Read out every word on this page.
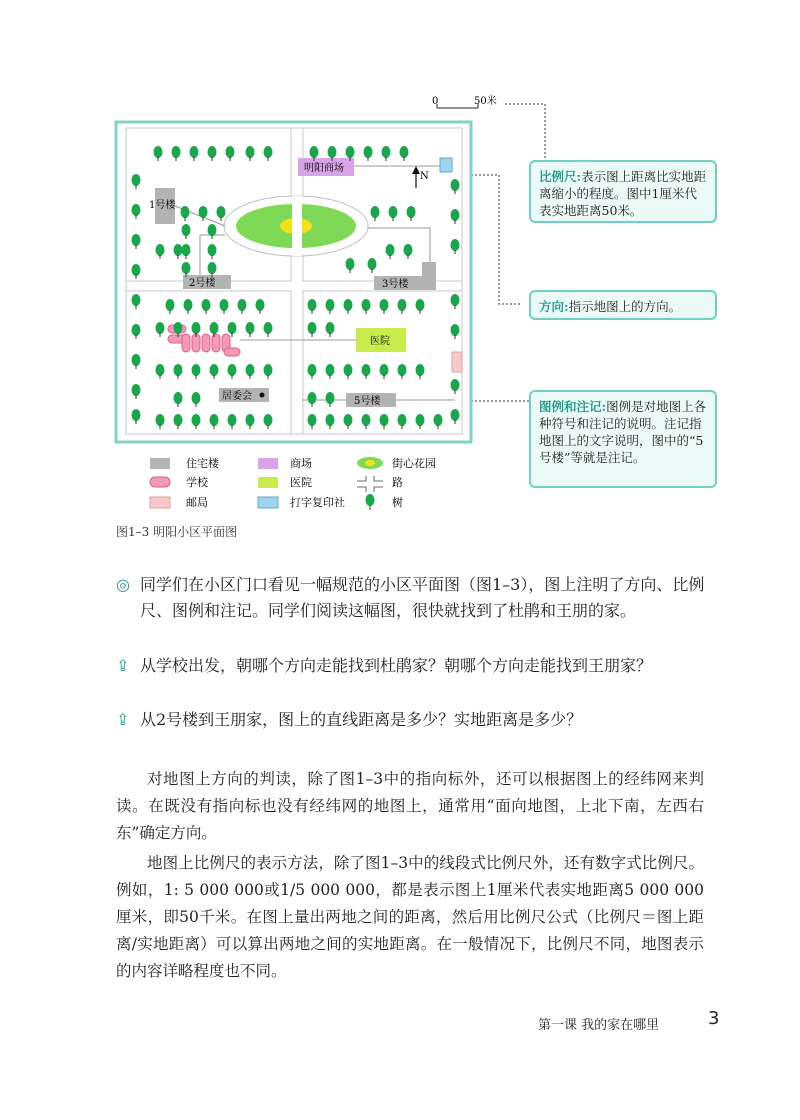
0	50米
明阳商场
N
1号楼
2号楼	3号楼
医院
居委会	5号楼
住宅楼	商场	街心花园
学校	医院	路
邮局	打字复印社	树
比例尺:表示图上距离比实地距离缩小的程度。图中1厘米代表实地距离50米。
方向:指示地图上的方向。
图例和注记:图例是对地图上各种符号和注记的说明。注记指地图上的文字说明，图中的“5号楼”等就是注记。
图1–3 明阳小区平面图
◎ 同学们在小区门口看见一幅规范的小区平面图（图1–3），图上注明了方向、比例尺、图例和注记。同学们阅读这幅图，很快就找到了杜鹃和王朋的家。
⇪ 从学校出发，朝哪个方向走能找到杜鹃家？朝哪个方向走能找到王朋家？
⇪ 从2号楼到王朋家，图上的直线距离是多少？实地距离是多少？
对地图上方向的判读，除了图1–3中的指向标外，还可以根据图上的经纬网来判读。在既没有指向标也没有经纬网的地图上，通常用“面向地图，上北下南，左西右东”确定方向。
地图上比例尺的表示方法，除了图1–3中的线段式比例尺外，还有数字式比例尺。例如，1: 5 000 000或1/5 000 000，都是表示图上1厘米代表实地距离5 000 000厘米，即50千米。在图上量出两地之间的距离，然后用比例尺公式（比例尺＝图上距离/实地距离）可以算出两地之间的实地距离。在一般情况下，比例尺不同，地图表示的内容详略程度也不同。
第一课 我的家在哪里	3
